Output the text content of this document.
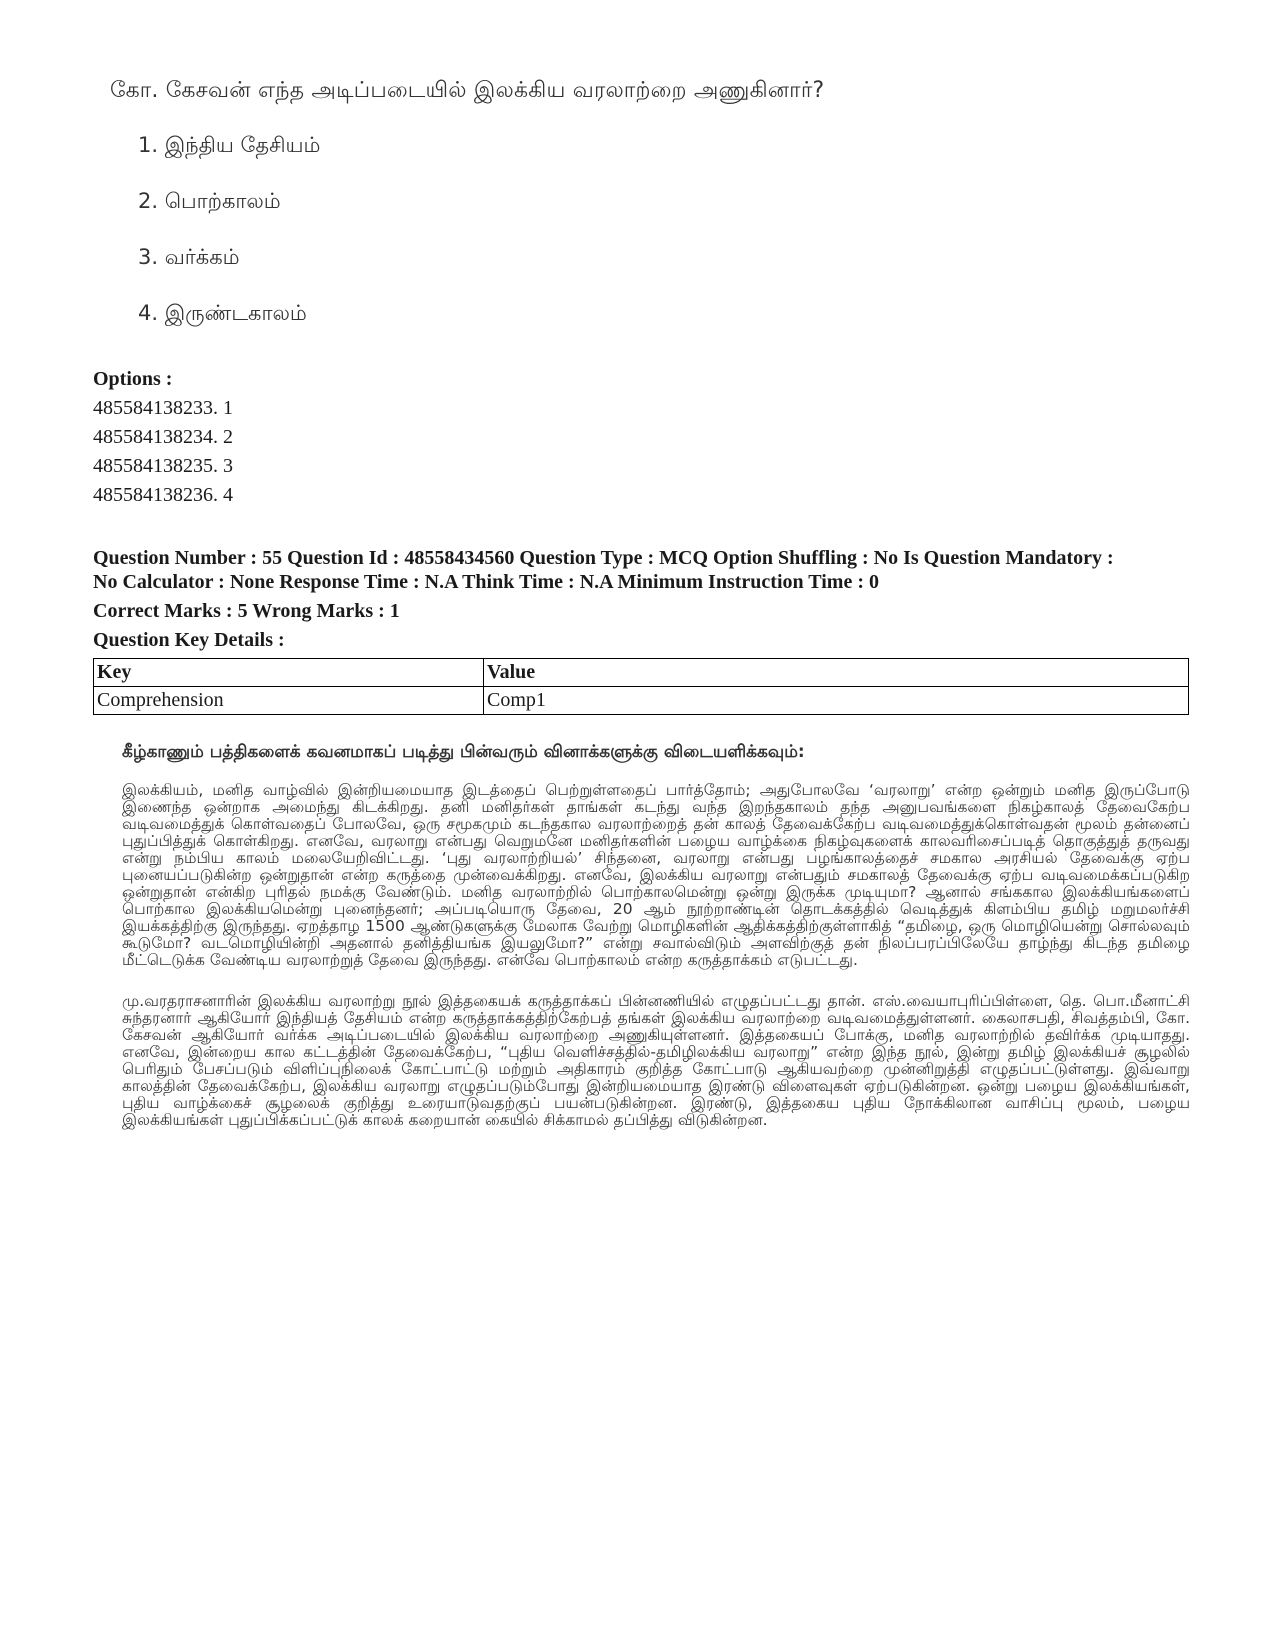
கோ. கேசவன் எந்த அடிப்படையில் இலக்கிய வரலாற்றை அணுகினார்?
1. இந்திய தேசியம்
2. பொற்காலம்
3. வர்க்கம்
4. இருண்டகாலம்
Options :
485584138233. 1
485584138234. 2
485584138235. 3
485584138236. 4
Question Number : 55 Question Id : 48558434560 Question Type : MCQ Option Shuffling : No Is Question Mandatory :
No Calculator : None Response Time : N.A Think Time : N.A Minimum Instruction Time : 0
Correct Marks : 5 Wrong Marks : 1
Question Key Details :
Key	Value
Comprehension	Comp1
கீழ்காணும் பத்திகளைக் கவனமாகப் படித்து பின்வரும் வினாக்களுக்கு விடையளிக்கவும்:

இலக்கியம், மனித வாழ்வில் இன்றியமையாத இடத்தைப் பெற்றுள்ளதைப் பார்த்தோம்; அதுபோலவே ‘வரலாறு’ என்ற ஒன்றும் மனித இருப்போடு இணைந்த ஒன்றாக அமைந்து கிடக்கிறது. தனி மனிதர்கள் தாங்கள் கடந்து வந்த இறந்தகாலம் தந்த அனுபவங்களை நிகழ்காலத் தேவைகேற்ப வடிவமைத்துக் கொள்வதைப் போலவே, ஒரு சமூகமும் கடந்தகால வரலாற்றைத் தன் காலத் தேவைக்கேற்ப வடிவமைத்துக்கொள்வதன் மூலம் தன்னைப் புதுப்பித்துக் கொள்கிறது. எனவே, வரலாறு என்பது வெறுமனே மனிதர்களின் பழைய வாழ்க்கை நிகழ்வுகளைக் காலவரிசைப்படித் தொகுத்துத் தருவது என்று நம்பிய காலம் மலையேறிவிட்டது. ‘புது வரலாற்றியல்’ சிந்தனை, வரலாறு என்பது பழங்காலத்தைச் சமகால அரசியல் தேவைக்கு ஏற்ப புனையப்படுகின்ற ஒன்றுதான் என்ற கருத்தை முன்வைக்கிறது. எனவே, இலக்கிய வரலாறு என்பதும் சமகாலத் தேவைக்கு ஏற்ப வடிவமைக்கப்படுகிற ஒன்றுதான் என்கிற புரிதல் நமக்கு வேண்டும். மனித வரலாற்றில் பொற்காலமென்று ஒன்று இருக்க முடியுமா? ஆனால் சங்ககால இலக்கியங்களைப் பொற்கால இலக்கியமென்று புனைந்தனர்; அப்படியொரு தேவை, 20 ஆம் நூற்றாண்டின் தொடக்கத்தில் வெடித்துக் கிளம்பிய தமிழ் மறுமலர்ச்சி இயக்கத்திற்கு இருந்தது. ஏறத்தாழ 1500 ஆண்டுகளுக்கு மேலாக வேற்று மொழிகளின் ஆதிக்கத்திற்குள்ளாகித் “தமிழை, ஒரு மொழியென்று சொல்லவும் கூடுமோ? வடமொழியின்றி அதனால் தனித்தியங்க இயலுமோ?” என்று சவால்விடும் அளவிற்குத் தன் நிலப்பரப்பிலேயே தாழ்ந்து கிடந்த தமிழை மீட்டெடுக்க வேண்டிய வரலாற்றுத் தேவை இருந்தது. என்வே பொற்காலம் என்ற கருத்தாக்கம் எடுபட்டது.

மு.வரதராசனாரின் இலக்கிய வரலாற்று நூல் இத்தகையக் கருத்தாக்கப் பின்னணியில் எழுதப்பட்டது தான். எஸ்.வையாபுரிப்பிள்ளை, தெ. பொ.மீனாட்சி சுந்தரனார் ஆகியோர் இந்தியத் தேசியம் என்ற கருத்தாக்கத்திற்கேற்பத் தங்கள் இலக்கிய வரலாற்றை வடிவமைத்துள்ளனர். கைலாசபதி, சிவத்தம்பி, கோ. கேசவன் ஆகியோர் வர்க்க அடிப்படையில் இலக்கிய வரலாற்றை அணுகியுள்ளனர். இத்தகையப் போக்கு, மனித வரலாற்றில் தவிர்க்க முடியாதது. எனவே, இன்றைய கால கட்டத்தின் தேவைக்கேற்ப, “புதிய வெளிச்சத்தில்-தமிழிலக்கிய வரலாறு” என்ற இந்த நூல், இன்று தமிழ் இலக்கியச் சூழலில் பெரிதும் பேசப்படும் விளிப்புநிலைக் கோட்பாட்டு மற்றும் அதிகாரம் குறித்த கோட்பாடு ஆகியவற்றை முன்னிறுத்தி எழுதப்பட்டுள்ளது. இவ்வாறு காலத்தின் தேவைக்கேற்ப, இலக்கிய வரலாறு எழுதப்படும்போது இன்றியமையாத இரண்டு விளைவுகள் ஏற்படுகின்றன. ஒன்று பழைய இலக்கியங்கள், புதிய வாழ்க்கைச் சூழலைக் குறித்து உரையாடுவதற்குப் பயன்படுகின்றன. இரண்டு, இத்தகைய புதிய நோக்கிலான வாசிப்பு மூலம், பழைய இலக்கியங்கள் புதுப்பிக்கப்பட்டுக் காலக் கறையான் கையில் சிக்காமல் தப்பித்து விடுகின்றன.
